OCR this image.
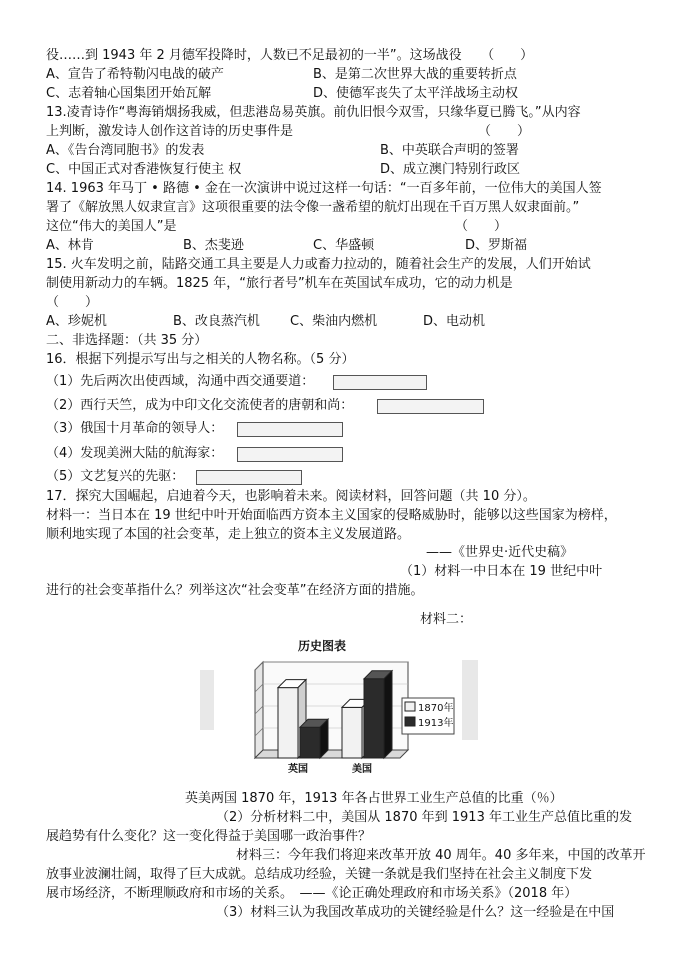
役……到 1943 年 2 月德军投降时，人数已不足最初的一半”。这场战役　　（　　）
A、宣告了希特勒闪电战的破产	B、是第二次世界大战的重要转折点
C、志着轴心国集团开始瓦解	D、使德军丧失了太平洋战场主动权
13.凌青诗作“粤海销烟扬我威，但悲港岛易英旗。前仇旧恨今双雪，只缘华夏已腾飞。”从内容
上判断，激发诗人创作这首诗的历史事件是	（　　）
A、《告台湾同胞书》的发表	B、中英联合声明的签署
C、中国正式对香港恢复行使主 权	D、成立澳门特别行政区
14. 1963 年马丁 • 路德 • 金在一次演讲中说过这样一句话：“一百多年前，一位伟大的美国人签
署了《解放黑人奴隶宣言》这项很重要的法令像一盏希望的航灯出现在千百万黑人奴隶面前。”
这位“伟大的美国人”是	（　　）
A、林肯	B、杰斐逊	C、华盛顿	D、罗斯福
15. 火车发明之前，陆路交通工具主要是人力或畜力拉动的，随着社会生产的发展，人们开始试
制使用新动力的车辆。1825 年，“旅行者号”机车在英国试车成功，它的动力机是
（　　）
A、珍妮机	B、改良蒸汽机 C、柴油内燃机	D、电动机
二、非选择题：（共 35 分）
16．根据下列提示写出与之相关的人物名称。（5 分）
（1）先后两次出使西域，沟通中西交通要道：
（2）西行天竺，成为中印文化交流使者的唐朝和尚：
（3）俄国十月革命的领导人：
（4）发现美洲大陆的航海家：
（5）文艺复兴的先驱：
17．探究大国崛起，启迪着今天，也影响着未来。阅读材料，回答问题（共 10 分）。
材料一：当日本在 19 世纪中叶开始面临西方资本主义国家的侵略威胁时，能够以这些国家为榜样，
顺利地实现了本国的社会变革，走上独立的资本主义发展道路。
——《世界史·近代史稿》
（1）材料一中日本在 19 世纪中叶
进行的社会变革指什么？列举这次“社会变革”在经济方面的措施。
材料二：
历史图表
英国	美国
1870年
1913年
英美两国 1870 年，1913 年各占世界工业生产总值的比重（％）
（2）分析材料二中，美国从 1870 年到 1913 年工业生产总值比重的发
展趋势有什么变化？这一变化得益于美国哪一政治事件？
材料三：今年我们将迎来改革开放 40 周年。40 多年来，中国的改革开
放事业波澜壮阔，取得了巨大成就。总结成功经验，关键一条就是我们坚持在社会主义制度下发
展市场经济，不断理顺政府和市场的关系。　——《论正确处理政府和市场关系》（2018 年）
（3）材料三认为我国改革成功的关键经验是什么？这一经验是在中国
